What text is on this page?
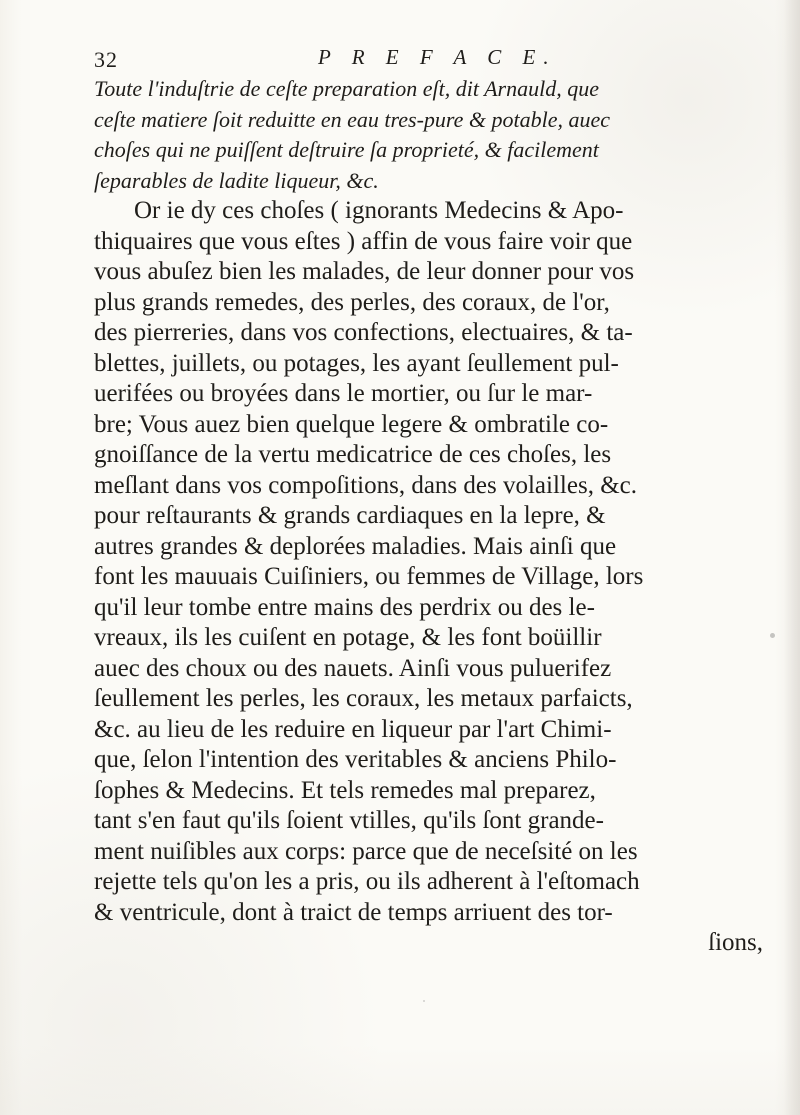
32	P R E F A C E.
Toute l'induſtrie de ceſte preparation eſt, dit Arnauld, que
ceſte matiere ſoit reduitte en eau tres-pure & potable, auec
choſes qui ne puiſſent deſtruire ſa proprieté, & facilement
ſeparables de ladite liqueur, &c.
Or ie dy ces choſes ( ignorants Medecins & Apo-
thiquaires que vous eſtes ) affin de vous faire voir que
vous abuſez bien les malades, de leur donner pour vos
plus grands remedes, des perles, des coraux, de l'or,
des pierreries, dans vos confections, electuaires, & ta-
blettes, juillets, ou potages, les ayant ſeullement pul-
uerifées ou broyées dans le mortier, ou ſur le mar-
bre; Vous auez bien quelque legere & ombratile co-
gnoiſſance de la vertu medicatrice de ces choſes, les
meſlant dans vos compoſitions, dans des volailles, &c.
pour reſtaurants & grands cardiaques en la lepre, &
autres grandes & deplorées maladies. Mais ainſi que
font les mauuais Cuiſiniers, ou femmes de Village, lors
qu'il leur tombe entre mains des perdrix ou des le-
vreaux, ils les cuiſent en potage, & les font boüillir
auec des choux ou des nauets. Ainſi vous puluerifez
ſeullement les perles, les coraux, les metaux parfaicts,
&c. au lieu de les reduire en liqueur par l'art Chimi-
que, ſelon l'intention des veritables & anciens Philo-
ſophes & Medecins. Et tels remedes mal preparez,
tant s'en faut qu'ils ſoient vtilles, qu'ils ſont grande-
ment nuiſibles aux corps: parce que de neceſsité on les
rejette tels qu'on les a pris, ou ils adherent à l'eſtomach
& ventricule, dont à traict de temps arriuent des tor-
ſions,
